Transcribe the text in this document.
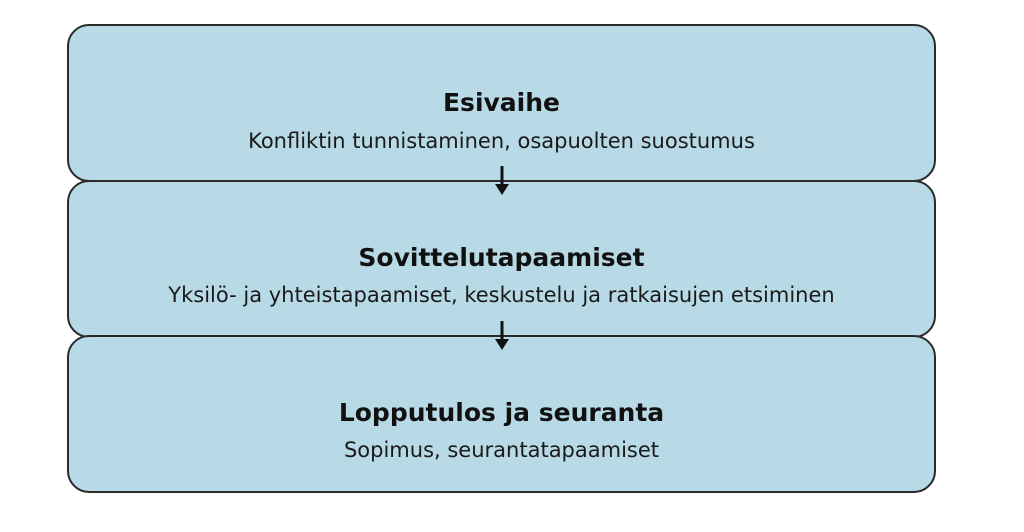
Esivaihe
Konfliktin tunnistaminen, osapuolten suostumus
Sovittelutapaamiset
Yksilö- ja yhteistapaamiset, keskustelu ja ratkaisujen etsiminen
Lopputulos ja seuranta
Sopimus, seurantatapaamiset
